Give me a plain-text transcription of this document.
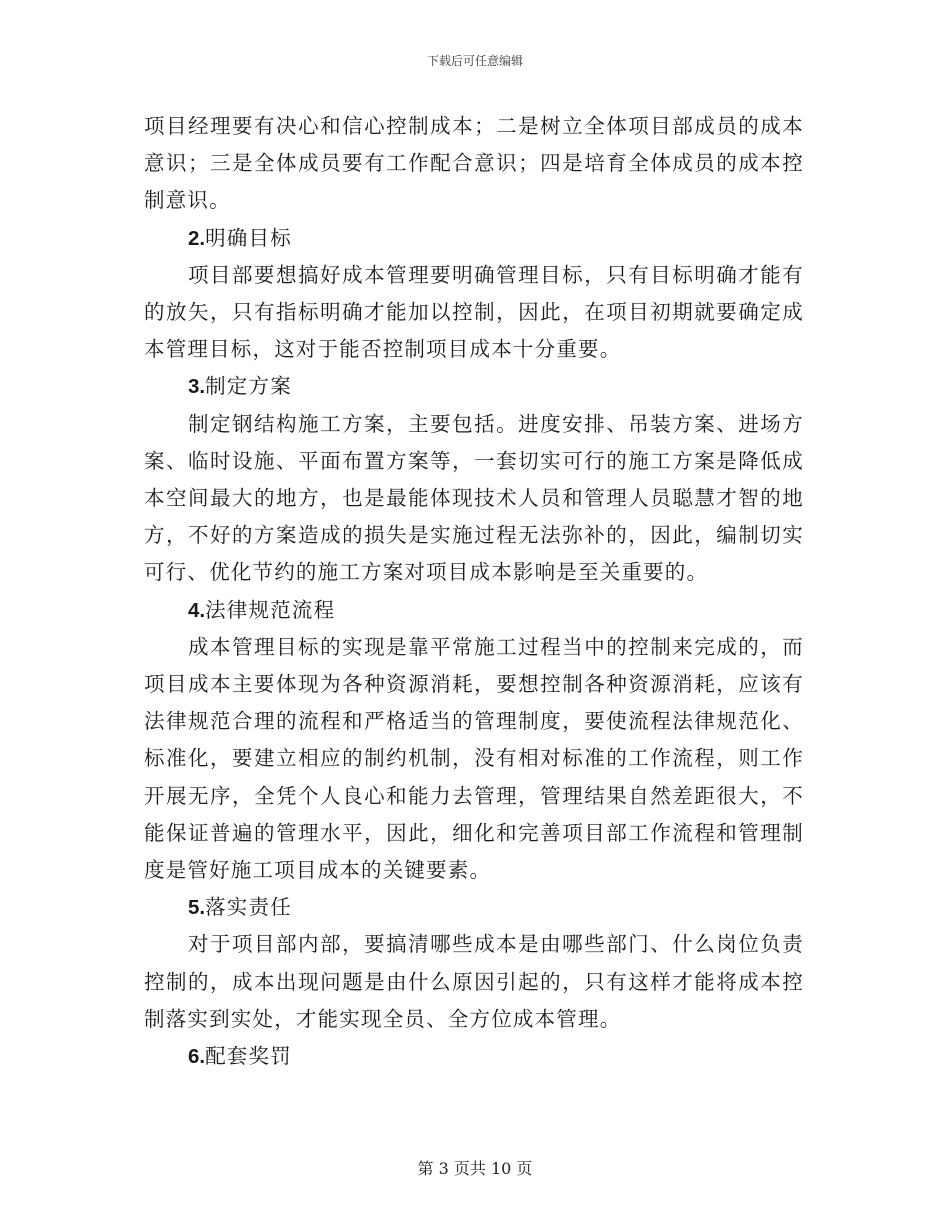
下载后可任意编辑

项目经理要有决心和信心控制成本；二是树立全体项目部成员的成本意识；三是全体成员要有工作配合意识；四是培育全体成员的成本控制意识。

2.明确目标

项目部要想搞好成本管理要明确管理目标，只有目标明确才能有的放矢，只有指标明确才能加以控制，因此，在项目初期就要确定成本管理目标，这对于能否控制项目成本十分重要。

3.制定方案

制定钢结构施工方案，主要包括。进度安排、吊装方案、进场方案、临时设施、平面布置方案等，一套切实可行的施工方案是降低成本空间最大的地方，也是最能体现技术人员和管理人员聪慧才智的地方，不好的方案造成的损失是实施过程无法弥补的，因此，编制切实可行、优化节约的施工方案对项目成本影响是至关重要的。

4.法律规范流程

成本管理目标的实现是靠平常施工过程当中的控制来完成的，而项目成本主要体现为各种资源消耗，要想控制各种资源消耗，应该有法律规范合理的流程和严格适当的管理制度，要使流程法律规范化、标准化，要建立相应的制约机制，没有相对标准的工作流程，则工作开展无序，全凭个人良心和能力去管理，管理结果自然差距很大，不能保证普遍的管理水平，因此，细化和完善项目部工作流程和管理制度是管好施工项目成本的关键要素。

5.落实责任

对于项目部内部，要搞清哪些成本是由哪些部门、什么岗位负责控制的，成本出现问题是由什么原因引起的，只有这样才能将成本控制落实到实处，才能实现全员、全方位成本管理。

6.配套奖罚

第 3 页共 10 页
